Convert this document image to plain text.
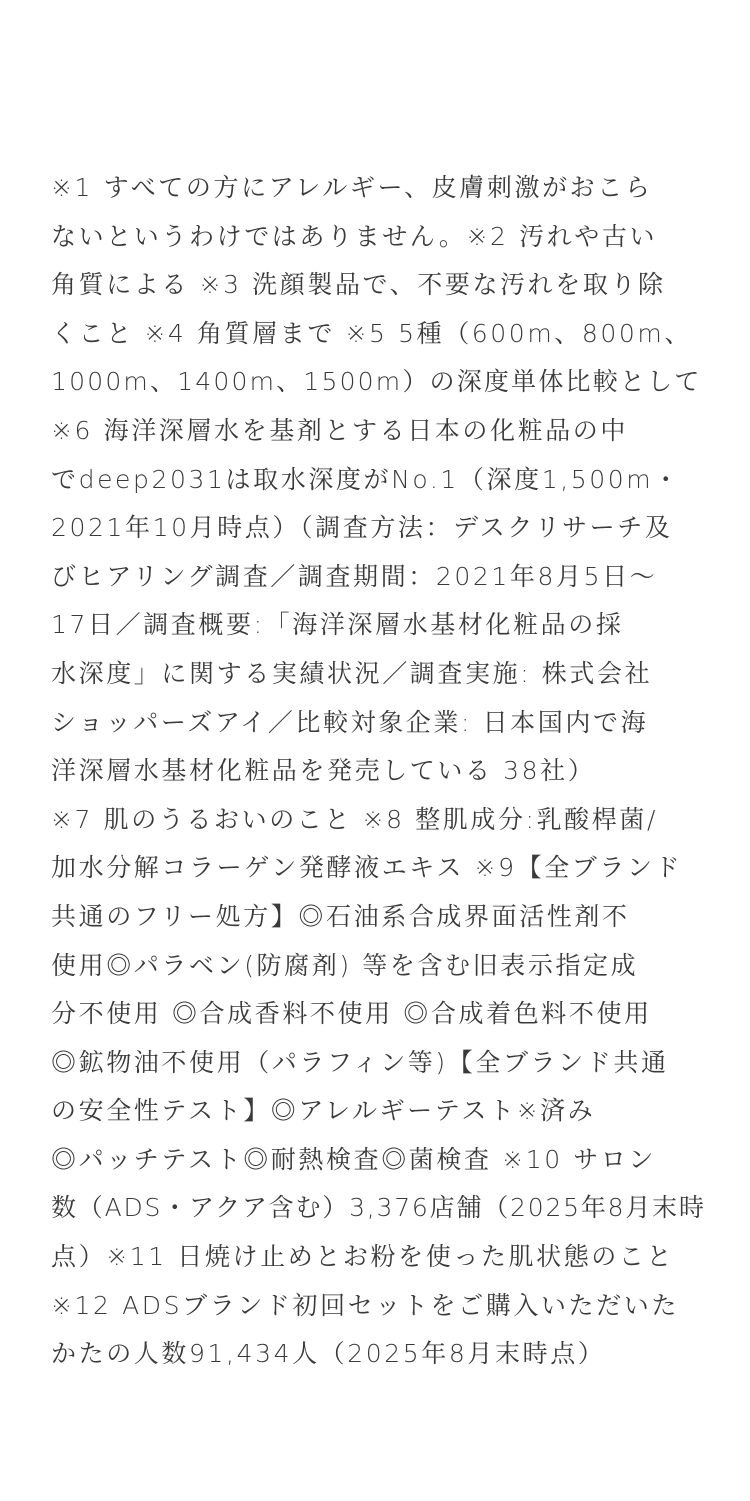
※1 すべての方にアレルギー、皮膚刺激がおこら
ないというわけではありません。※2 汚れや古い
角質による ※3 洗顔製品で、不要な汚れを取り除
くこと ※4 角質層まで ※5 5種（600m、800m、
1000m、1400m、1500m）の深度単体比較として
※6 海洋深層水を基剤とする日本の化粧品の中
でdeep2031は取水深度がNo.1（深度1,500m・
2021年10月時点）（調査方法：デスクリサーチ及
びヒアリング調査／調査期間：2021年8月5日～
17日／調査概要:「海洋深層水基材化粧品の採
水深度」に関する実績状況／調査実施: 株式会社
ショッパーズアイ／比較対象企業: 日本国内で海
洋深層水基材化粧品を発売している 38社）
※7 肌のうるおいのこと ※8 整肌成分:乳酸桿菌/
加水分解コラーゲン発酵液エキス ※9【全ブランド
共通のフリー処方】◎石油系合成界面活性剤不
使用◎パラベン(防腐剤) 等を含む旧表示指定成
分不使用 ◎合成香料不使用 ◎合成着色料不使用
◎鉱物油不使用（パラフィン等)【全ブランド共通
の安全性テスト】◎アレルギーテスト※済み
◎パッチテスト◎耐熱検査◎菌検査 ※10 サロン
数（ADS・アクア含む）3,376店舗（2025年8月末時
点）※11 日焼け止めとお粉を使った肌状態のこと
※12 ADSブランド初回セットをご購入いただいた
かたの人数91,434人（2025年8月末時点）
